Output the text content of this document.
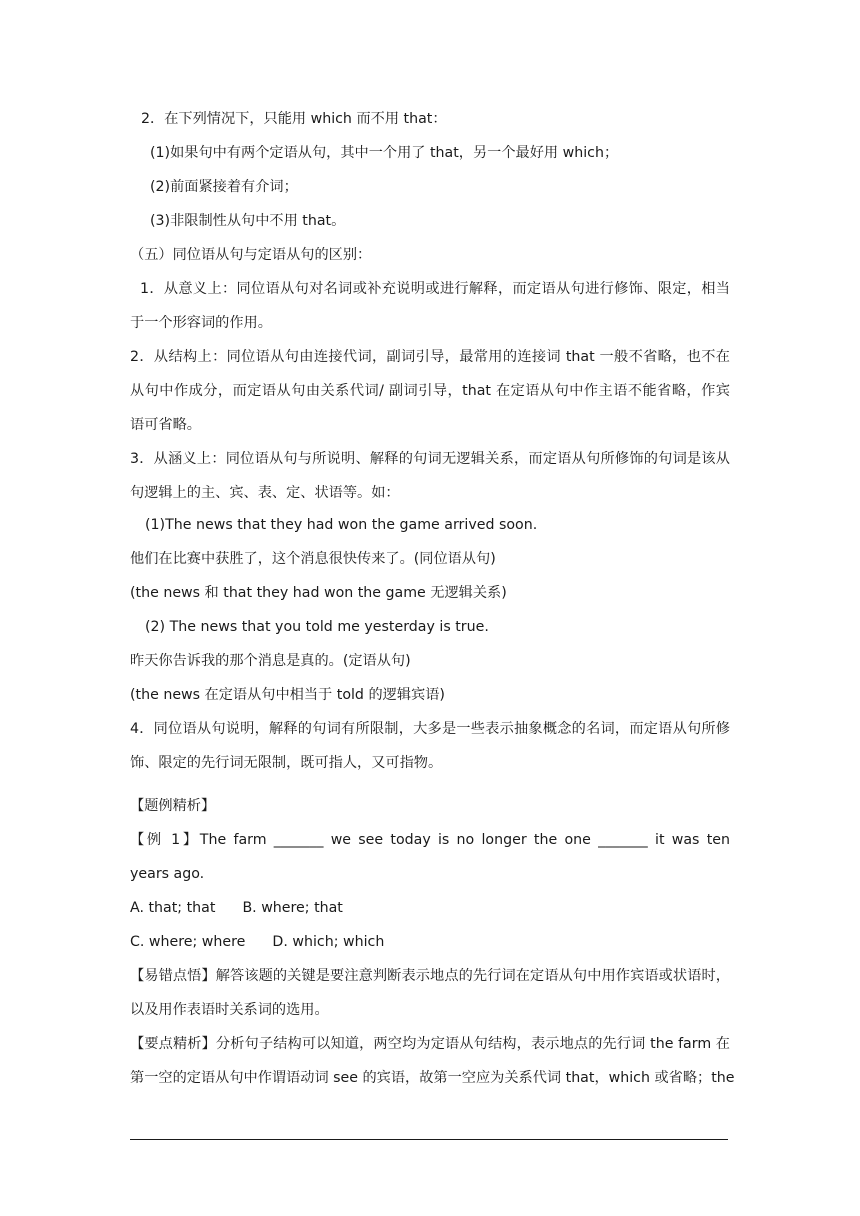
2．在下列情况下，只能用 which 而不用 that：
(1)如果句中有两个定语从句，其中一个用了 that，另一个最好用 which；
(2)前面紧接着有介词；
(3)非限制性从句中不用 that。
（五）同位语从句与定语从句的区别：
1．从意义上：同位语从句对名词或补充说明或进行解释，而定语从句进行修饰、限定，相当
于一个形容词的作用。
2．从结构上：同位语从句由连接代词，副词引导，最常用的连接词 that 一般不省略，也不在
从句中作成分，而定语从句由关系代词/ 副词引导，that 在定语从句中作主语不能省略，作宾
语可省略。
3．从涵义上：同位语从句与所说明、解释的句词无逻辑关系，而定语从句所修饰的句词是该从
句逻辑上的主、宾、表、定、状语等。如：
(1)The news that they had won the game arrived soon.
他们在比赛中获胜了，这个消息很快传来了。(同位语从句)
(the news 和 that they had won the game 无逻辑关系)
(2) The news that you told me yesterday is true.
昨天你告诉我的那个消息是真的。(定语从句)
(the news 在定语从句中相当于 told 的逻辑宾语)
4．同位语从句说明，解释的句词有所限制，大多是一些表示抽象概念的名词，而定语从句所修
饰、限定的先行词无限制，既可指人，又可指物。
【题例精析】
【例 1】The farm _______ we see today is no longer the one _______ it was ten
years ago.
A. that; that      B. where; that
C. where; where      D. which; which
【易错点悟】解答该题的关键是要注意判断表示地点的先行词在定语从句中用作宾语或状语时，
以及用作表语时关系词的选用。
【要点精析】分析句子结构可以知道，两空均为定语从句结构，表示地点的先行词 the farm 在
第一空的定语从句中作谓语动词 see 的宾语，故第一空应为关系代词 that，which 或省略；the
